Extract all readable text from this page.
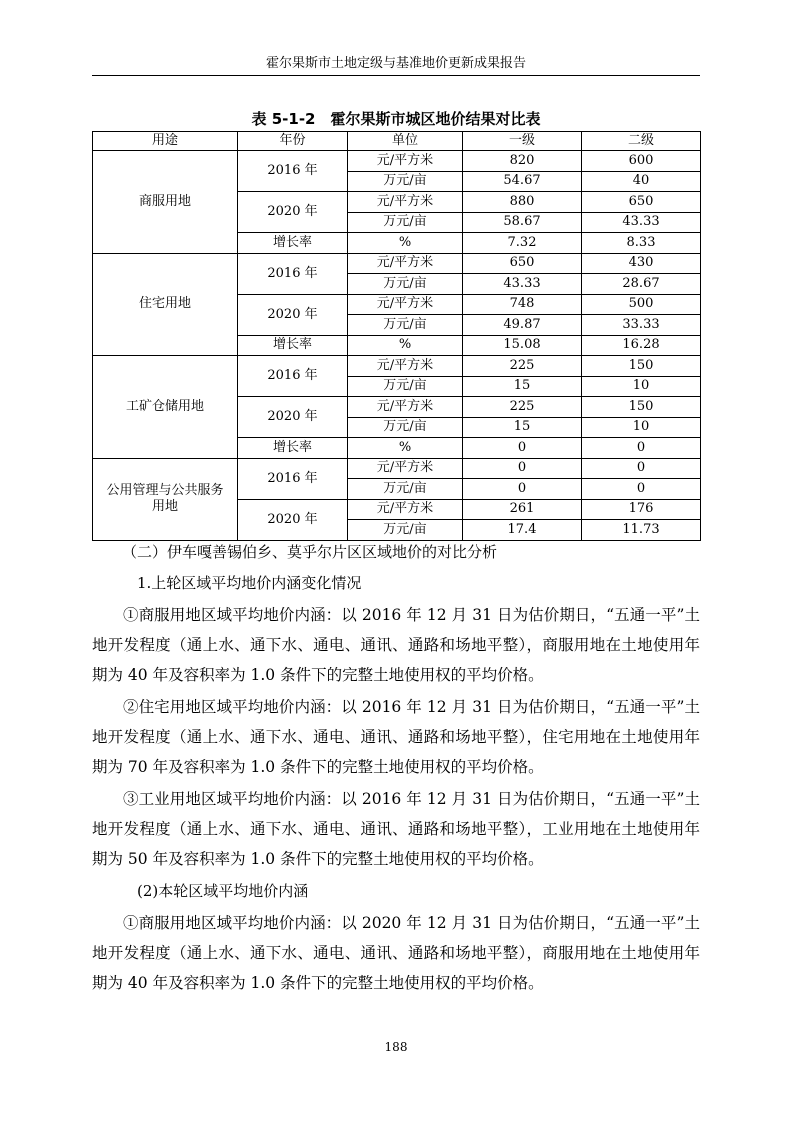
霍尔果斯市土地定级与基准地价更新成果报告
表 5-1-2　霍尔果斯市城区地价结果对比表
用途	年份	单位	一级	二级
商服用地	2016 年	元/平方米	820	600
		万元/亩	54.67	40
	2020 年	元/平方米	880	650
		万元/亩	58.67	43.33
	增长率	%	7.32	8.33
住宅用地	2016 年	元/平方米	650	430
		万元/亩	43.33	28.67
	2020 年	元/平方米	748	500
		万元/亩	49.87	33.33
	增长率	%	15.08	16.28
工矿仓储用地	2016 年	元/平方米	225	150
		万元/亩	15	10
	2020 年	元/平方米	225	150
		万元/亩	15	10
	增长率	%	0	0
公用管理与公共服务用地	2016 年	元/平方米	0	0
		万元/亩	0	0
	2020 年	元/平方米	261	176
		万元/亩	17.4	11.73
（二）伊车嘎善锡伯乡、莫乎尔片区区域地价的对比分析
1.上轮区域平均地价内涵变化情况
①商服用地区域平均地价内涵：以 2016 年 12 月 31 日为估价期日，“五通一平”土地开发程度（通上水、通下水、通电、通讯、通路和场地平整），商服用地在土地使用年期为 40 年及容积率为 1.0 条件下的完整土地使用权的平均价格。
②住宅用地区域平均地价内涵：以 2016 年 12 月 31 日为估价期日，“五通一平”土地开发程度（通上水、通下水、通电、通讯、通路和场地平整），住宅用地在土地使用年期为 70 年及容积率为 1.0 条件下的完整土地使用权的平均价格。
③工业用地区域平均地价内涵：以 2016 年 12 月 31 日为估价期日，“五通一平”土地开发程度（通上水、通下水、通电、通讯、通路和场地平整），工业用地在土地使用年期为 50 年及容积率为 1.0 条件下的完整土地使用权的平均价格。
(2)本轮区域平均地价内涵
①商服用地区域平均地价内涵：以 2020 年 12 月 31 日为估价期日，“五通一平”土地开发程度（通上水、通下水、通电、通讯、通路和场地平整），商服用地在土地使用年期为 40 年及容积率为 1.0 条件下的完整土地使用权的平均价格。
188
